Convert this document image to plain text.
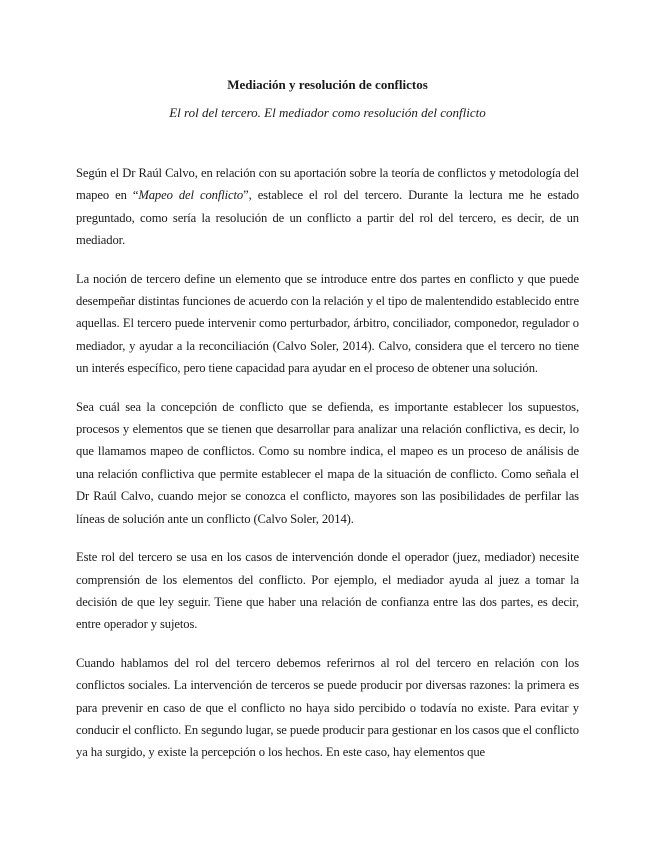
Mediación y resolución de conflictos

El rol del tercero. El mediador como resolución del conflicto

Según el Dr Raúl Calvo, en relación con su aportación sobre la teoría de conflictos y metodología del mapeo en “Mapeo del conflicto”, establece el rol del tercero. Durante la lectura me he estado preguntado, como sería la resolución de un conflicto a partir del rol del tercero, es decir, de un mediador.

La noción de tercero define un elemento que se introduce entre dos partes en conflicto y que puede desempeñar distintas funciones de acuerdo con la relación y el tipo de malentendido establecido entre aquellas. El tercero puede intervenir como perturbador, árbitro, conciliador, componedor, regulador o mediador, y ayudar a la reconciliación (Calvo Soler, 2014). Calvo, considera que el tercero no tiene un interés específico, pero tiene capacidad para ayudar en el proceso de obtener una solución.

Sea cuál sea la concepción de conflicto que se defienda, es importante establecer los supuestos, procesos y elementos que se tienen que desarrollar para analizar una relación conflictiva, es decir, lo que llamamos mapeo de conflictos. Como su nombre indica, el mapeo es un proceso de análisis de una relación conflictiva que permite establecer el mapa de la situación de conflicto. Como señala el Dr Raúl Calvo, cuando mejor se conozca el conflicto, mayores son las posibilidades de perfilar las líneas de solución ante un conflicto (Calvo Soler, 2014).

Este rol del tercero se usa en los casos de intervención donde el operador (juez, mediador) necesite comprensión de los elementos del conflicto. Por ejemplo, el mediador ayuda al juez a tomar la decisión de que ley seguir. Tiene que haber una relación de confianza entre las dos partes, es decir, entre operador y sujetos.

Cuando hablamos del rol del tercero debemos referirnos al rol del tercero en relación con los conflictos sociales. La intervención de terceros se puede producir por diversas razones: la primera es para prevenir en caso de que el conflicto no haya sido percibido o todavía no existe. Para evitar y conducir el conflicto. En segundo lugar, se puede producir para gestionar en los casos que el conflicto ya ha surgido, y existe la percepción o los hechos. En este caso, hay elementos que
